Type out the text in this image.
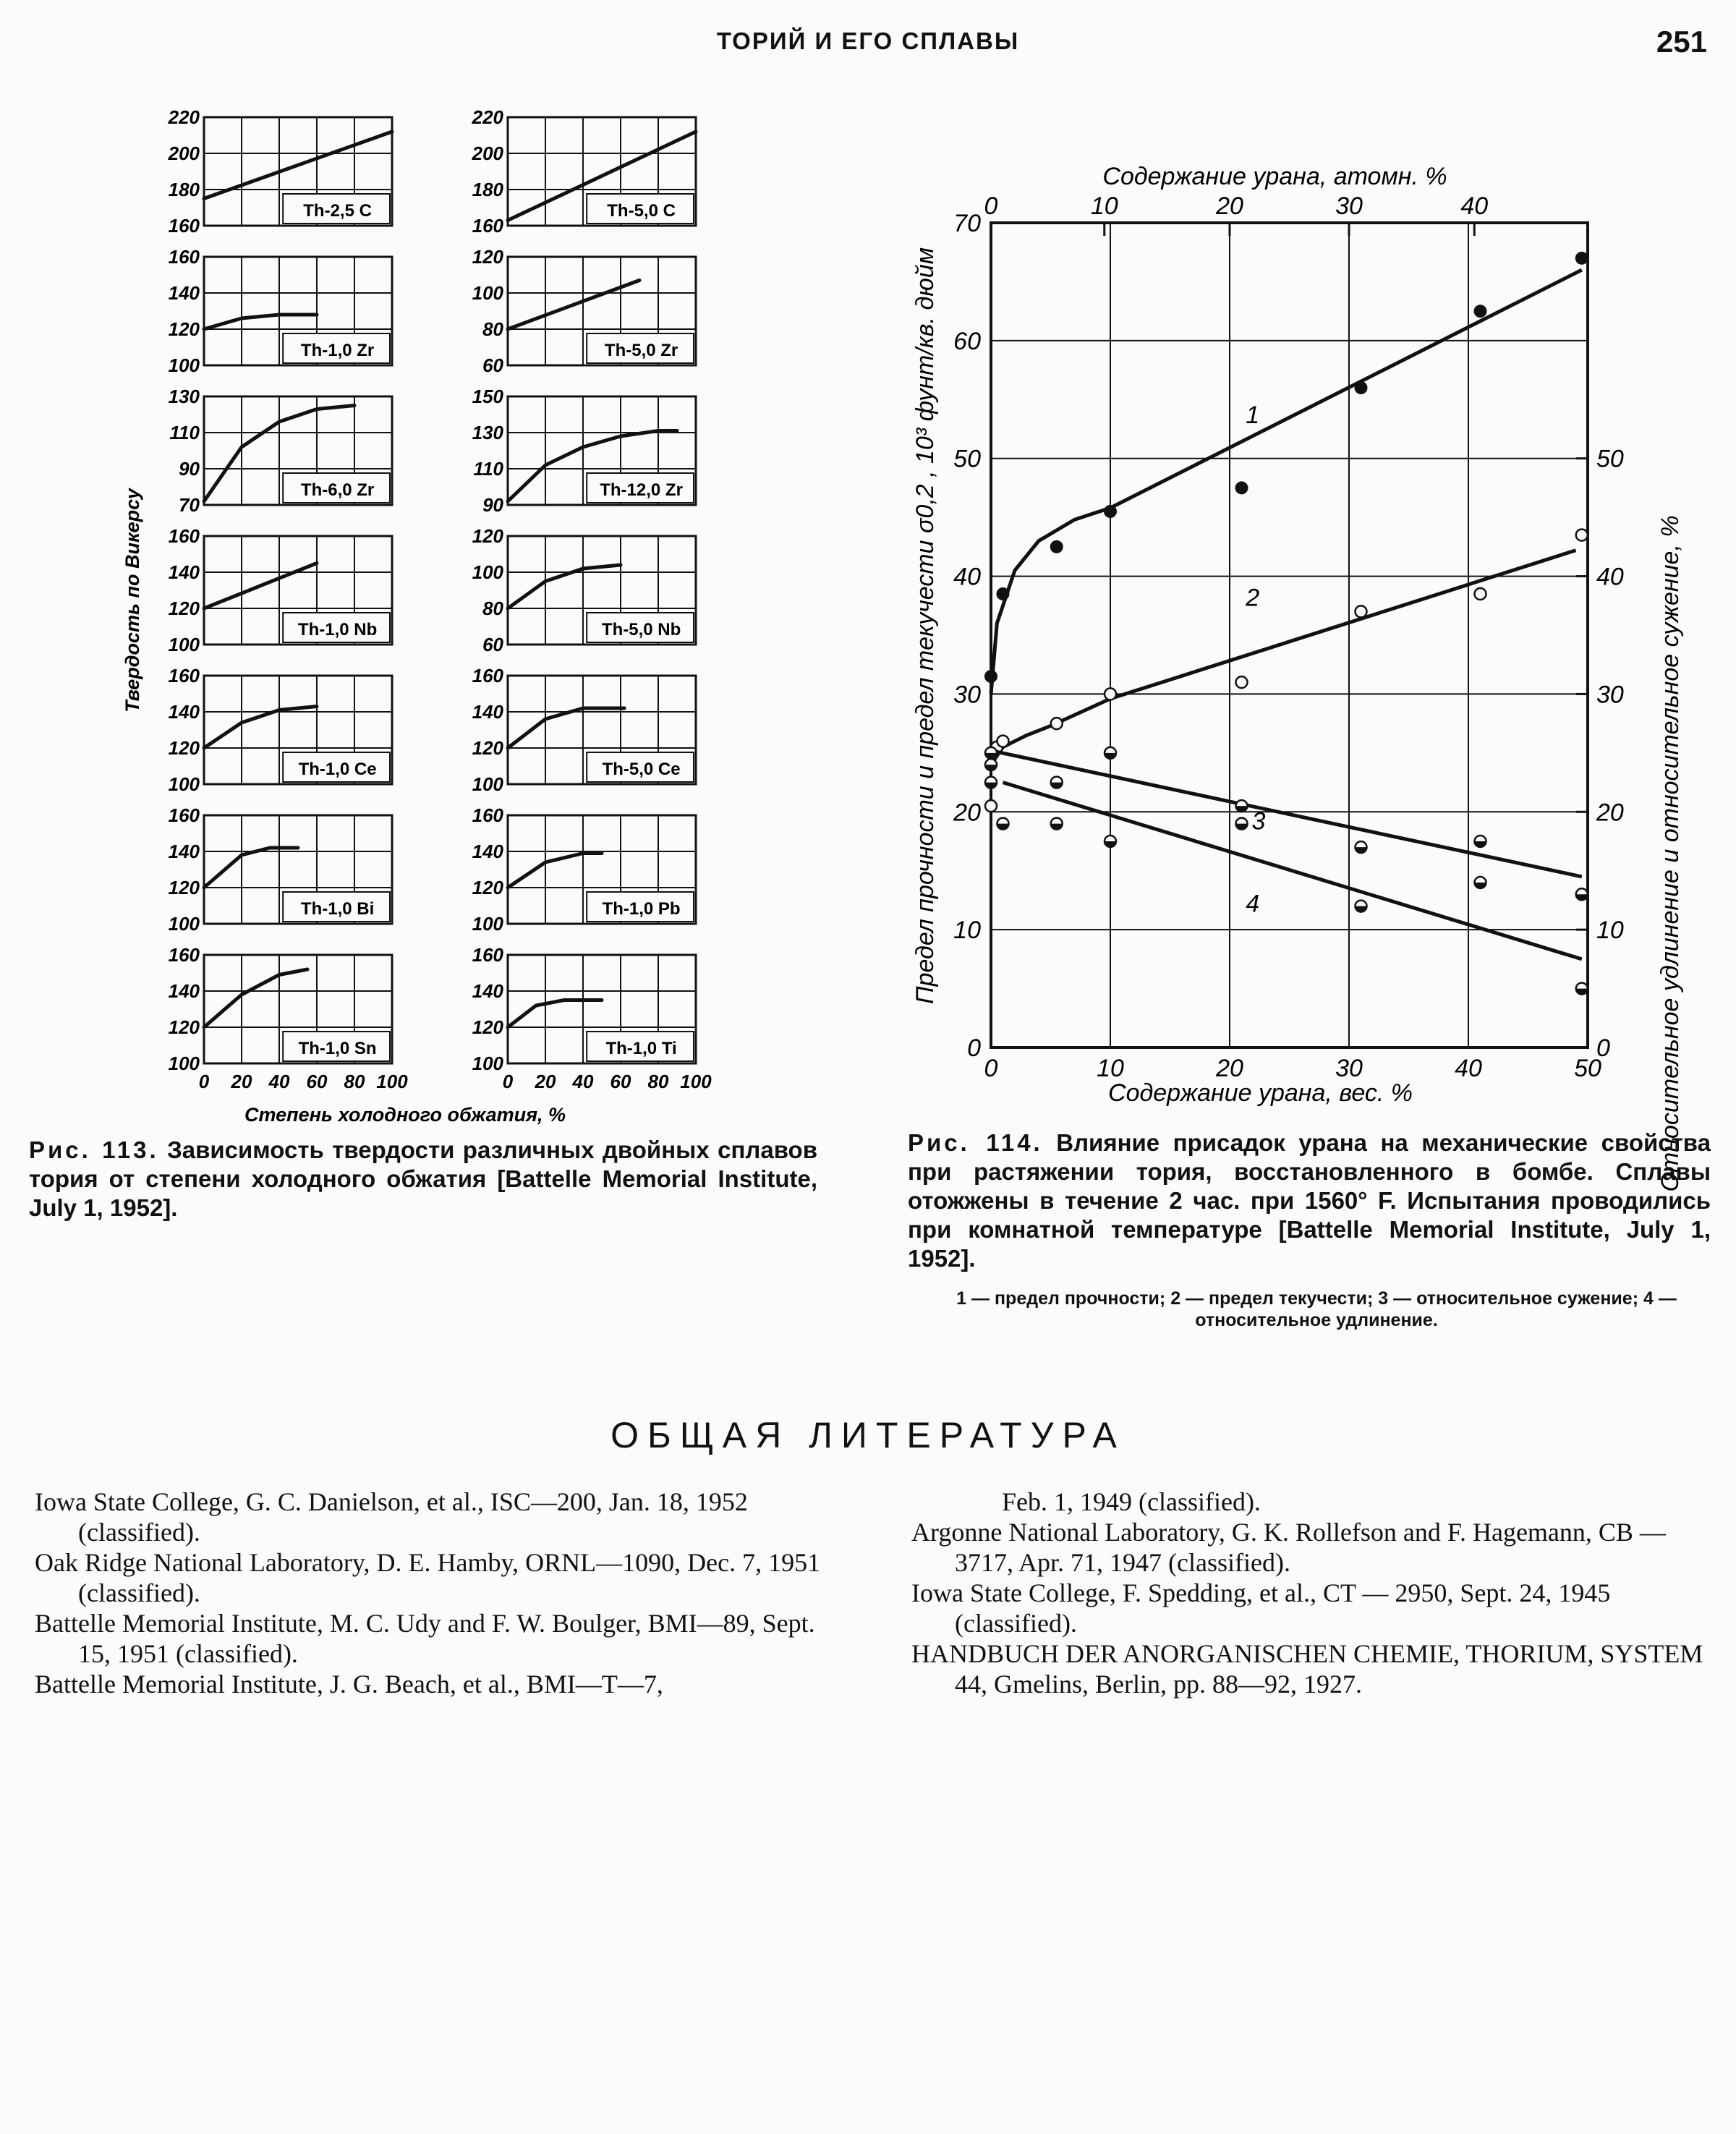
ТОРИЙ И ЕГО СПЛАВЫ	251
220
200
180
160
Th-2,5 C
220
200
180
160
Th-5,0 C
160
140
120
100
Th-1,0 Zr
120
100
80
60
Th-5,0 Zr
130
110
90
70
Th-6,0 Zr
150
130
110
90
Th-12,0 Zr
160
140
120
100
Th-1,0 Nb
120
100
80
60
Th-5,0 Nb
160
140
120
100
Th-1,0 Ce
160
140
120
100
Th-5,0 Ce
160
140
120
100
Th-1,0 Bi
160
140
120
100
Th-1,0 Pb
160
140
120
100
Th-1,0 Sn
160
140
120
100
Th-1,0 Ti
0 20 40 60 80 100	0 20 40 60 80 100
Степень холодного обжатия, %
Твердость по Викерсу
0
10
20
30
40
50
60
70
0	10	20	30	40	50
0	10	20	30	40
0
10
20
30
40
50
Содержание урана, атомн. %
Содержание урана, вес. %
Предел прочности и предел текучести σ0,2 , 10³ фунт/кв. дюйм	Относительное удлинение и относительное сужение, %
1
2
3
4
Рис. 113. Зависимость твердости различных двойных сплавов тория от степени холодного обжатия [Battelle Memorial Institute, July 1, 1952].
Рис. 114. Влияние присадок урана на механические свойства при растяжении тория, восстановленного в бомбе. Сплавы отожжены в течение 2 час. при 1560° F. Испытания проводились при комнатной температуре [Battelle Memorial Institute, July 1, 1952].
1 — предел прочности; 2 — предел текучести; 3 — относительное сужение; 4 — относительное удлинение.
ОБЩАЯ ЛИТЕРАТУРА

Iowa State College, G. C. Danielson, et al., ISC—200, Jan. 18, 1952 (classified).

Oak Ridge National Laboratory, D. E. Hamby, ORNL—1090, Dec. 7, 1951 (classified).

Battelle Memorial Institute, M. C. Udy and F. W. Boulger, BMI—89, Sept. 15, 1951 (classified).

Battelle Memorial Institute, J. G. Beach, et al., BMI—T—7,

Feb. 1, 1949 (classified).

Argonne National Laboratory, G. K. Rollefson and F. Hagemann, CB — 3717, Apr. 71, 1947 (classified).

Iowa State College, F. Spedding, et al., CT — 2950, Sept. 24, 1945 (classified).

HANDBUCH DER ANORGANISCHEN CHEMIE, THORIUM, SYSTEM 44, Gmelins, Berlin, pp. 88—92, 1927.
